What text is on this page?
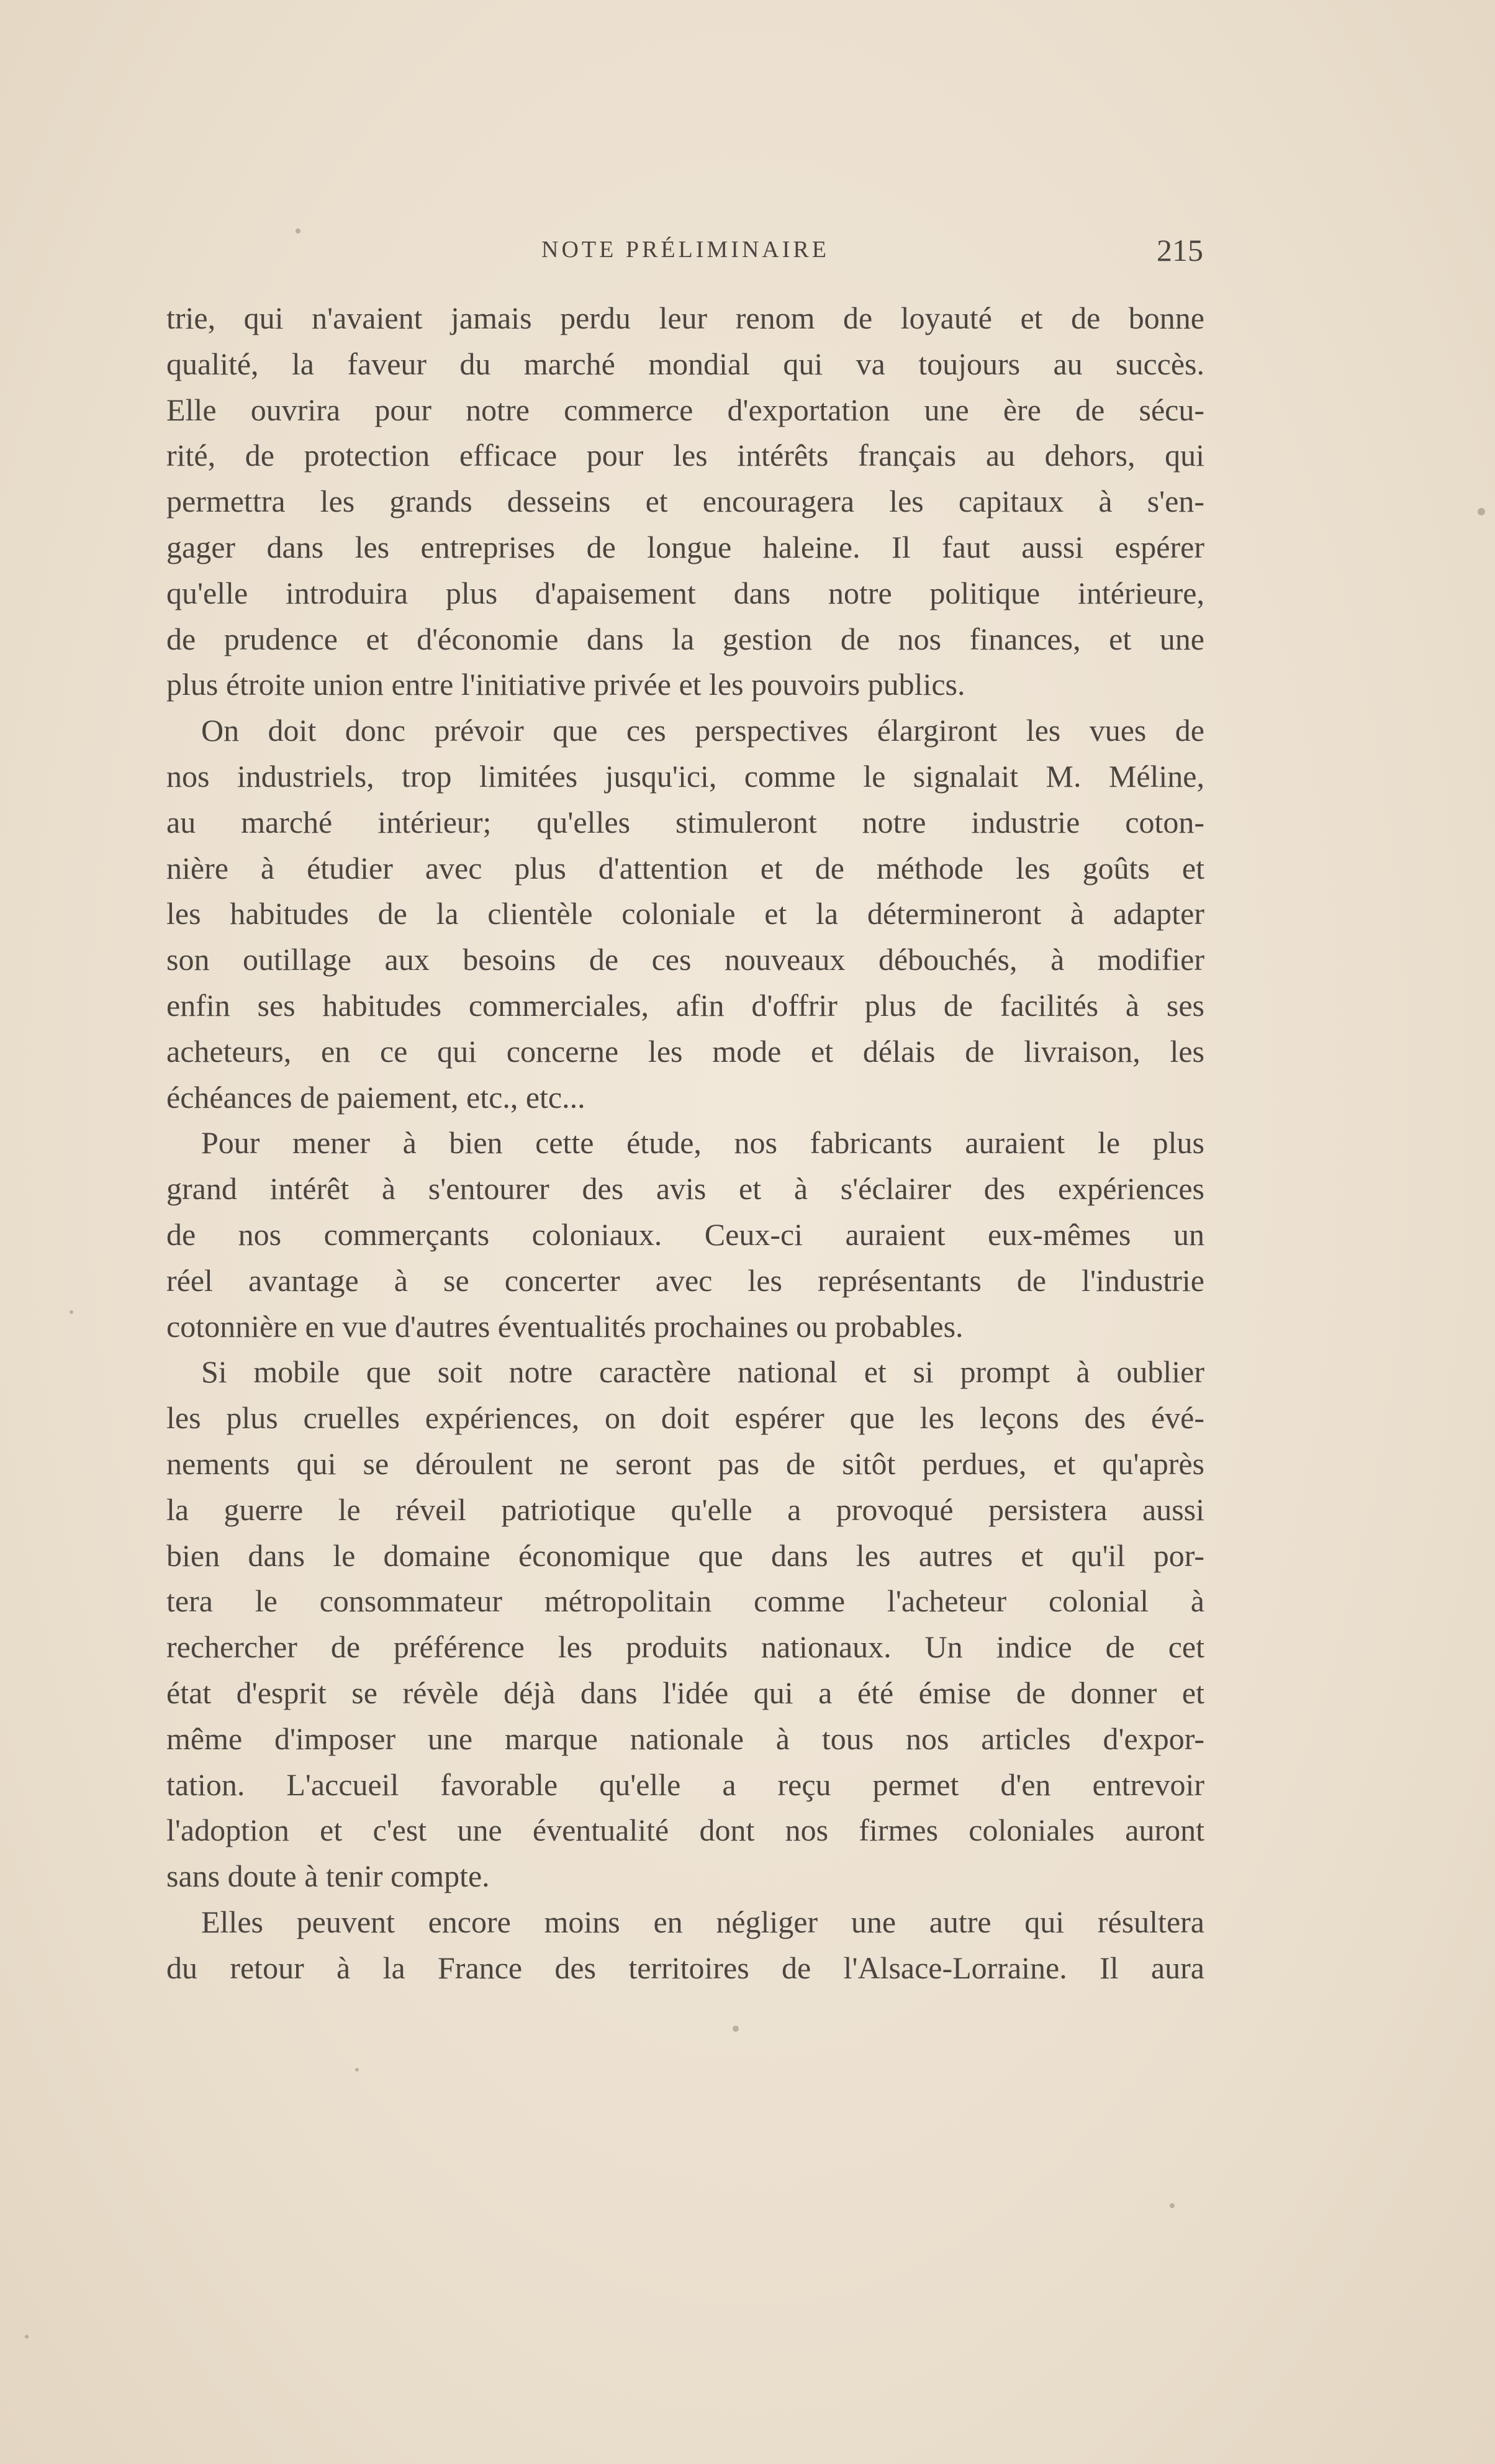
NOTE PRÉLIMINAIRE	215
trie, qui n'avaient jamais perdu leur renom de loyauté et de bonne
qualité, la faveur du marché mondial qui va toujours au succès.
Elle ouvrira pour notre commerce d'exportation une ère de sécu-
rité, de protection efficace pour les intérêts français au dehors, qui
permettra les grands desseins et encouragera les capitaux à s'en-
gager dans les entreprises de longue haleine. Il faut aussi espérer
qu'elle introduira plus d'apaisement dans notre politique intérieure,
de prudence et d'économie dans la gestion de nos finances, et une
plus étroite union entre l'initiative privée et les pouvoirs publics.
On doit donc prévoir que ces perspectives élargiront les vues de
nos industriels, trop limitées jusqu'ici, comme le signalait M. Méline,
au marché intérieur; qu'elles stimuleront notre industrie coton-
nière à étudier avec plus d'attention et de méthode les goûts et
les habitudes de la clientèle coloniale et la détermineront à adapter
son outillage aux besoins de ces nouveaux débouchés, à modifier
enfin ses habitudes commerciales, afin d'offrir plus de facilités à ses
acheteurs, en ce qui concerne les mode et délais de livraison, les
échéances de paiement, etc., etc...
Pour mener à bien cette étude, nos fabricants auraient le plus
grand intérêt à s'entourer des avis et à s'éclairer des expériences
de nos commerçants coloniaux. Ceux-ci auraient eux-mêmes un
réel avantage à se concerter avec les représentants de l'industrie
cotonnière en vue d'autres éventualités prochaines ou probables.
Si mobile que soit notre caractère national et si prompt à oublier
les plus cruelles expériences, on doit espérer que les leçons des évé-
nements qui se déroulent ne seront pas de sitôt perdues, et qu'après
la guerre le réveil patriotique qu'elle a provoqué persistera aussi
bien dans le domaine économique que dans les autres et qu'il por-
tera le consommateur métropolitain comme l'acheteur colonial à
rechercher de préférence les produits nationaux. Un indice de cet
état d'esprit se révèle déjà dans l'idée qui a été émise de donner et
même d'imposer une marque nationale à tous nos articles d'expor-
tation. L'accueil favorable qu'elle a reçu permet d'en entrevoir
l'adoption et c'est une éventualité dont nos firmes coloniales auront
sans doute à tenir compte.
Elles peuvent encore moins en négliger une autre qui résultera
du retour à la France des territoires de l'Alsace-Lorraine. Il aura
